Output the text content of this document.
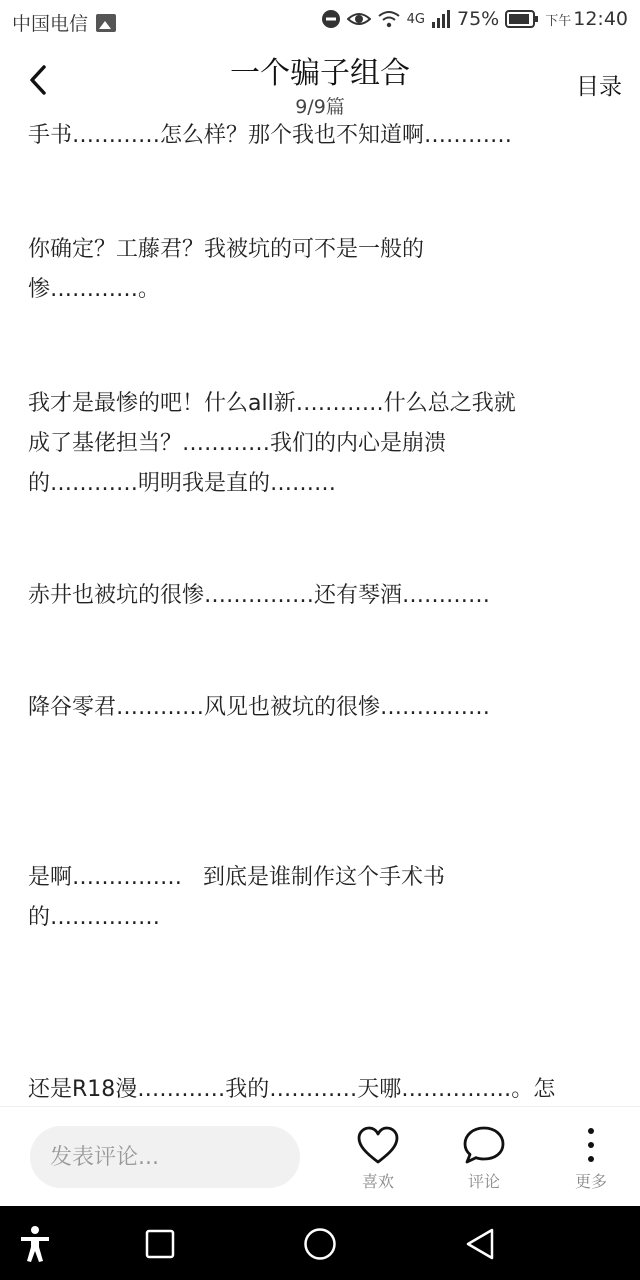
中国电信	4G 75%	下午 12:40
一个骗子组合
9/9篇
目录

手书…………怎么样？那个我也不知道啊…………

你确定？工藤君？我被坑的可不是一般的
惨…………。

我才是最惨的吧！什么all新…………什么总之我就
成了基佬担当？…………我们的内心是崩溃
的…………明明我是直的………

赤井也被坑的很惨……………还有琴酒…………

降谷零君…………风见也被坑的很惨……………

是啊……………   到底是谁制作这个手术书
的……………

还是R18漫…………我的…………天哪……………。怎

发表评论...
喜欢	评论	更多
